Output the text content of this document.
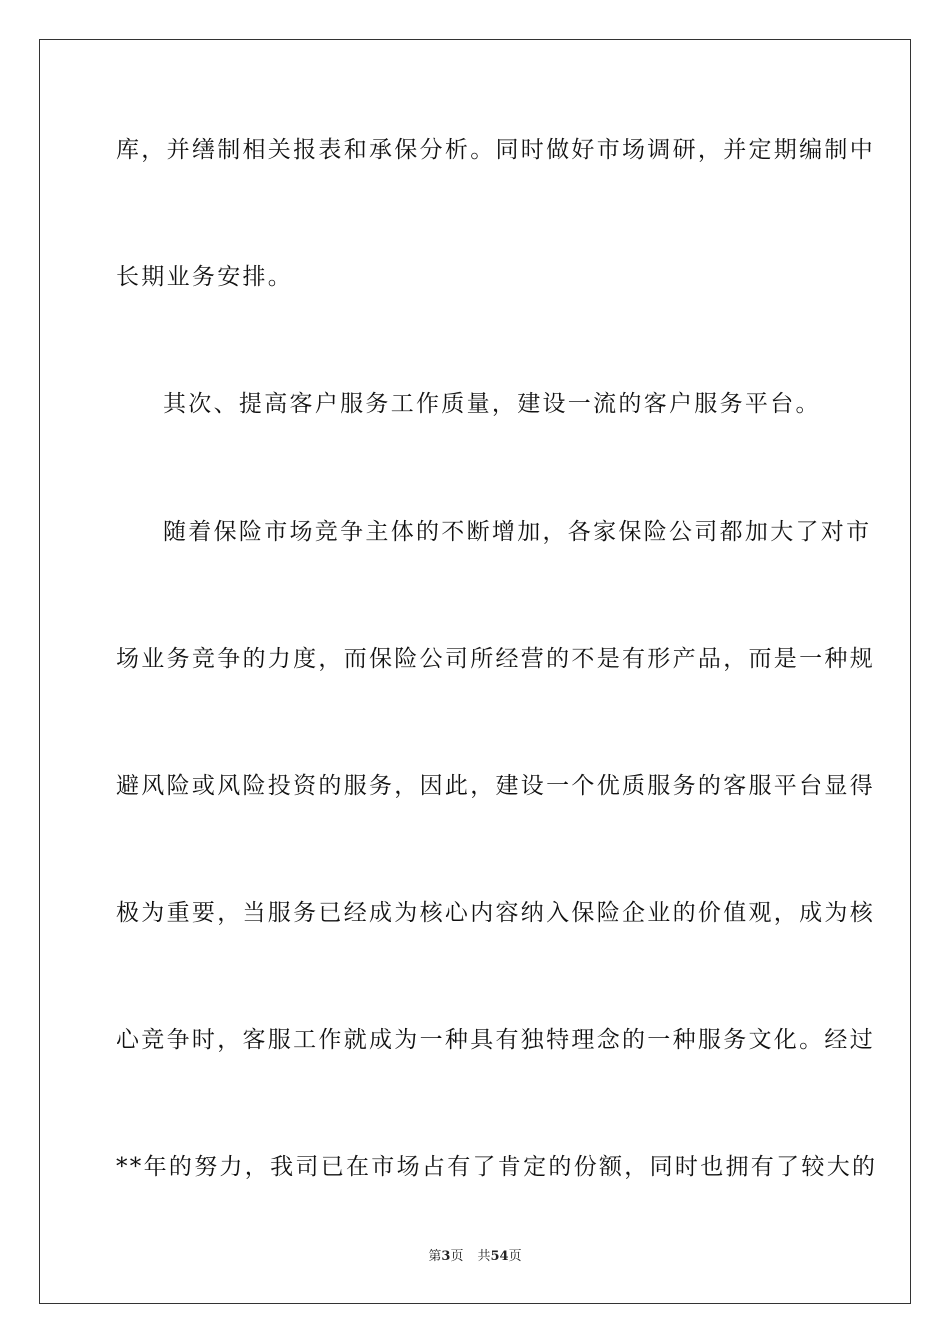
库，并缮制相关报表和承保分析。同时做好市场调研，并定期编制中
长期业务安排。
其次、提高客户服务工作质量，建设一流的客户服务平台。
随着保险市场竞争主体的不断增加，各家保险公司都加大了对市
场业务竞争的力度，而保险公司所经营的不是有形产品，而是一种规
避风险或风险投资的服务，因此，建设一个优质服务的客服平台显得
极为重要，当服务已经成为核心内容纳入保险企业的价值观，成为核
心竞争时，客服工作就成为一种具有独特理念的一种服务文化。经过
**年的努力，我司已在市场占有了肯定的份额，同时也拥有了较大的
第3页 共54页
